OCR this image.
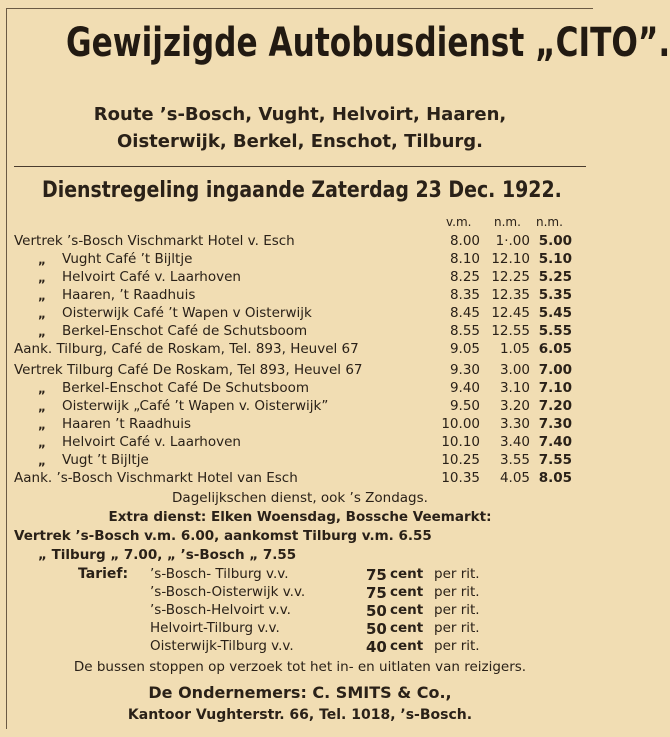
Gewijzigde Autobusdienst „CITO”.
Route ’s-Bosch, Vught, Helvoirt, Haaren,
Oisterwijk, Berkel, Enschot, Tilburg.
Dienstregeling ingaande Zaterdag 23 Dec. 1922.
v.m. n.m. n.m.
Vertrek ’s-Bosch Vischmarkt Hotel v. Esch	8.00	1·.00 5.00
„ Vught Café ’t Bijltje	8.10 12.10 5.10
„ Helvoirt Café v. Laarhoven	8.25 12.25 5.25
„ Haaren, ’t Raadhuis	8.35 12.35 5.35
„ Oisterwijk Café ’t Wapen v Oisterwijk	8.45 12.45 5.45
„ Berkel-Enschot Café de Schutsboom	8.55 12.55 5.55
Aank. Tilburg, Café de Roskam, Tel. 893, Heuvel 67	9.05	1.05 6.05
Vertrek Tilburg Café De Roskam, Tel 893, Heuvel 67	9.30	3.00 7.00
„ Berkel-Enschot Café De Schutsboom	9.40	3.10 7.10
„ Oisterwijk „Café ’t Wapen v. Oisterwijk”	9.50	3.20 7.20
„ Haaren ’t Raadhuis	10.00	3.30 7.30
„ Helvoirt Café v. Laarhoven	10.10	3.40 7.40
„ Vugt ’t Bijltje	10.25	3.55 7.55
Aank. ’s-Bosch Vischmarkt Hotel van Esch	10.35	4.05 8.05
Dagelijkschen dienst, ook ’s Zondags.
Extra dienst: Elken Woensdag, Bossche Veemarkt:
Vertrek ’s-Bosch v.m. 6.00, aankomst Tilburg v.m. 6.55
„ Tilburg „ 7.00, „ ’s-Bosch „ 7.55
Tarief: ’s-Bosch- Tilburg v.v.	75 cent per rit.
’s-Bosch-Oisterwijk v.v.	75 cent per rit.
’s-Bosch-Helvoirt v.v.	50 cent per rit.
Helvoirt-Tilburg v.v.	50 cent per rit.
Oisterwijk-Tilburg v.v.	40 cent per rit.
De bussen stoppen op verzoek tot het in- en uitlaten van reizigers.
De Ondernemers: C. SMITS & Co.,
Kantoor Vughterstr. 66, Tel. 1018, ’s-Bosch.
